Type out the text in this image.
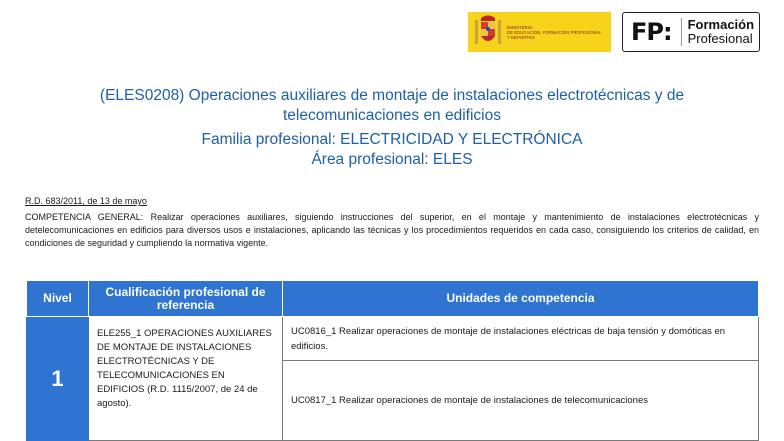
MINISTERIO
DE EDUCACIÓN, FORMACIÓN PROFESIONAL
Y DEPORTES	FP: Formación
Profesional
(ELES0208) Operaciones auxiliares de montaje de instalaciones electrotécnicas y de telecomunicaciones en edificios
Familia profesional: ELECTRICIDAD Y ELECTRÓNICA
Área profesional: ELES
R.D. 683/2011, de 13 de mayo
COMPETENCIA GENERAL: Realizar operaciones auxiliares, siguiendo instrucciones del superior, en el montaje y mantenimiento de instalaciones electrotécnicas y detelecomunicaciones en edificios para diversos usos e instalaciones, aplicando las técnicas y los procedimientos requeridos en cada caso, consiguiendo los criterios de calidad, en condiciones de seguridad y cumpliendo la normativa vigente.
Nivel	Cualificación profesional de referencia	Unidades de competencia
1	ELE255_1 OPERACIONES AUXILIARES DE MONTAJE DE INSTALACIONES ELECTROTÉCNICAS Y DE TELECOMUNICACIONES EN EDIFICIOS (R.D. 1115/2007, de 24 de agosto).	UC0816_1 Realizar operaciones de montaje de instalaciones eléctricas de baja tensión y domóticas en edificios.
		UC0817_1 Realizar operaciones de montaje de instalaciones de telecomunicaciones
